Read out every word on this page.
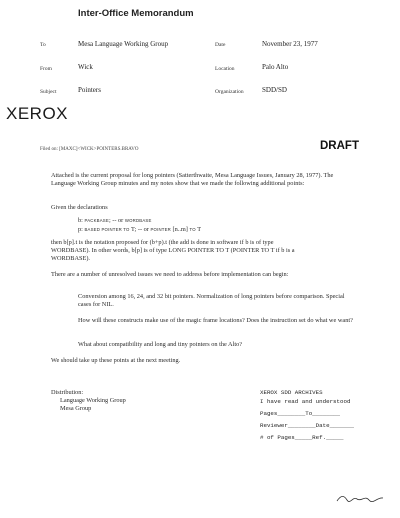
Inter-Office Memorandum
To	Mesa Language Working Group	Date	November 23, 1977
From	Wick	Location	Palo Alto
Subject	Pointers	Organization	SDD/SD
XEROX
Filed on: [MAXC]<WICK>POINTERS.BRAVO	DRAFT
Attached is the current proposal for long pointers (Satterthwaite, Mesa Language Issues, January 28, 1977). The Language Working Group minutes and my notes show that we made the following additional points:
Given the declarations
b: PACKBASE; -- or WORDBASE
p: BASED POINTER TO T; -- or POINTER [n..m] TO T
then b[p].t is the notation proposed for (b+p).t (the add is done in software if b is of type
WORDBASE). In other words, b[p] is of type LONG POINTER TO T (POINTER TO T if b is a
WORDBASE).
There are a number of unresolved issues we need to address before implementation can begin:
Conversion among 16, 24, and 32 bit pointers. Normalization of long pointers before comparison. Special cases for NIL.
How will these constructs make use of the magic frame locations? Does the instruction set do what we want?
What about compatibility and long and tiny pointers on the Alto?
We should take up these points at the next meeting.
Distribution:
Language Working Group
Mesa Group
XEROX SDD ARCHIVES
I have read and understood
Pages________To________
Reviewer________Date_______
# of Pages_____Ref._____
